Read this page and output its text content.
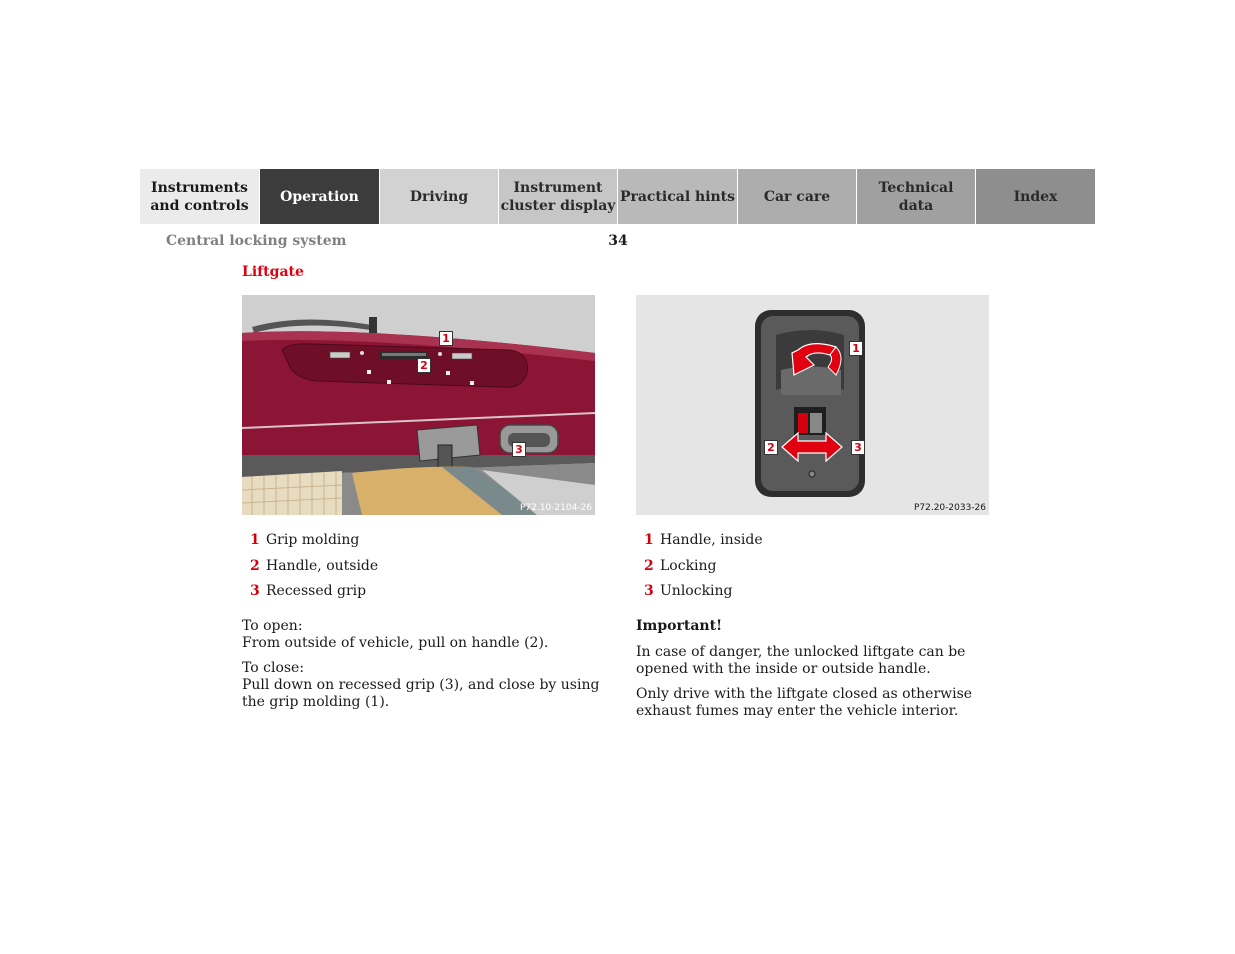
Instruments
and controls
Operation	Driving
Instrument
cluster display
Practical hints	Car care
Technical
data
Index
Central locking system	34
Liftgate
1
2
3
P72.10-2104-26
1
2	3
P72.20-2033-26
1 Grip molding
2 Handle, outside
3 Recessed grip
1 Handle, inside
2 Locking
3 Unlocking

To open:
From outside of vehicle, pull on handle (2).

To close:
Pull down on recessed grip (3), and close by using the grip molding (1).

Important!

In case of danger, the unlocked liftgate can be opened with the inside or outside handle.

Only drive with the liftgate closed as otherwise exhaust fumes may enter the vehicle interior.
